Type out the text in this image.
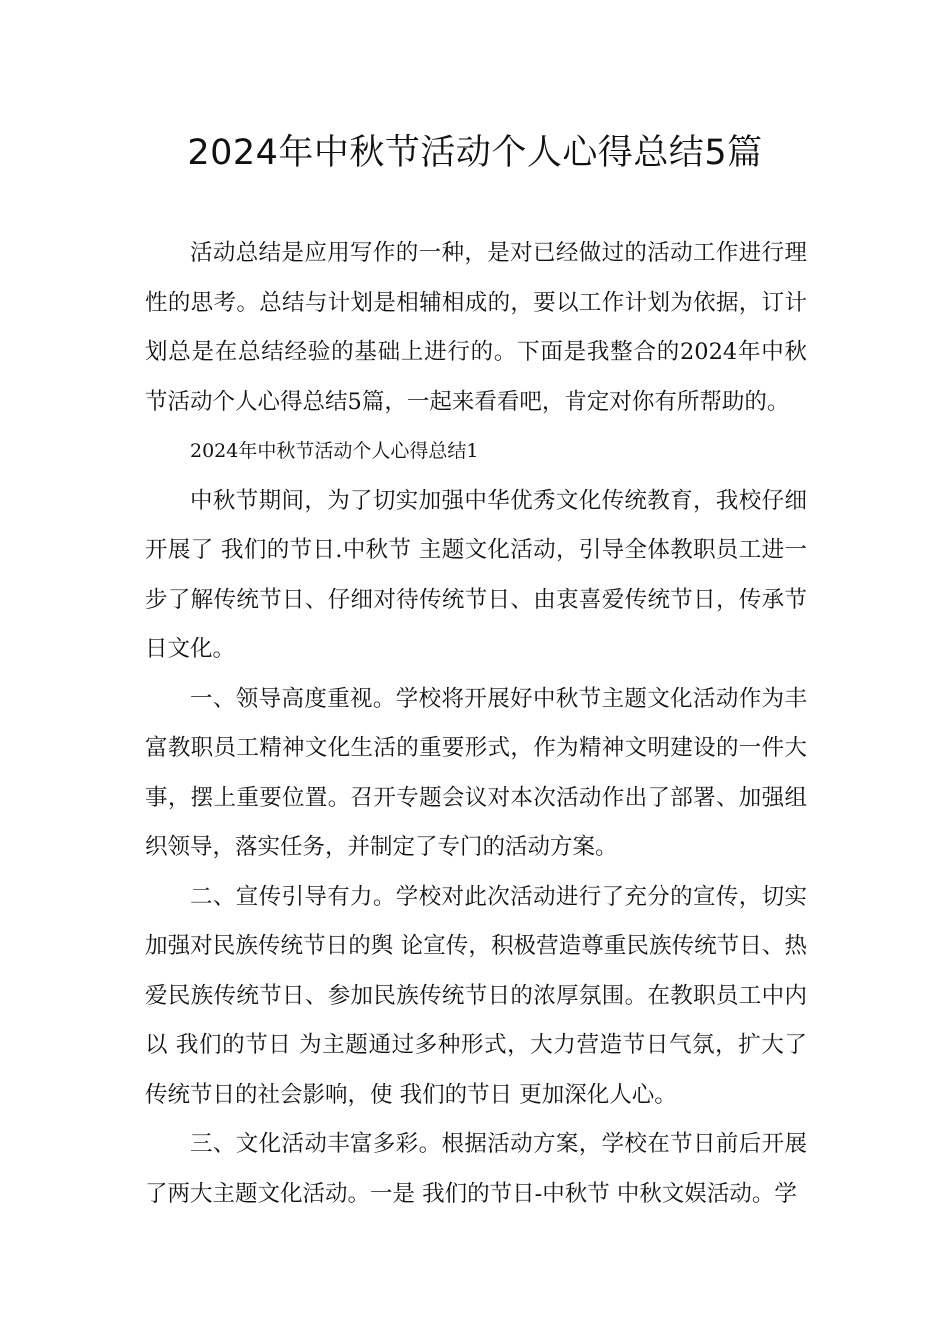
2024年中秋节活动个人心得总结5篇

活动总结是应用写作的一种，是对已经做过的活动工作进行理性的思考。总结与计划是相辅相成的，要以工作计划为依据，订计划总是在总结经验的基础上进行的。下面是我整合的2024年中秋节活动个人心得总结5篇，一起来看看吧，肯定对你有所帮助的。

2024年中秋节活动个人心得总结1

中秋节期间，为了切实加强中华优秀文化传统教育，我校仔细开展了 我们的节日.中秋节 主题文化活动，引导全体教职员工进一步了解传统节日、仔细对待传统节日、由衷喜爱传统节日，传承节日文化。

一、领导高度重视。学校将开展好中秋节主题文化活动作为丰富教职员工精神文化生活的重要形式，作为精神文明建设的一件大事，摆上重要位置。召开专题会议对本次活动作出了部署、加强组织领导，落实任务，并制定了专门的活动方案。

二、宣传引导有力。学校对此次活动进行了充分的宣传，切实加强对民族传统节日的舆 论宣传，积极营造尊重民族传统节日、热爱民族传统节日、参加民族传统节日的浓厚氛围。在教职员工中内以 我们的节日 为主题通过多种形式，大力营造节日气氛，扩大了传统节日的社会影响，使 我们的节日 更加深化人心。

三、文化活动丰富多彩。根据活动方案，学校在节日前后开展了两大主题文化活动。一是 我们的节日-中秋节 中秋文娱活动。学
